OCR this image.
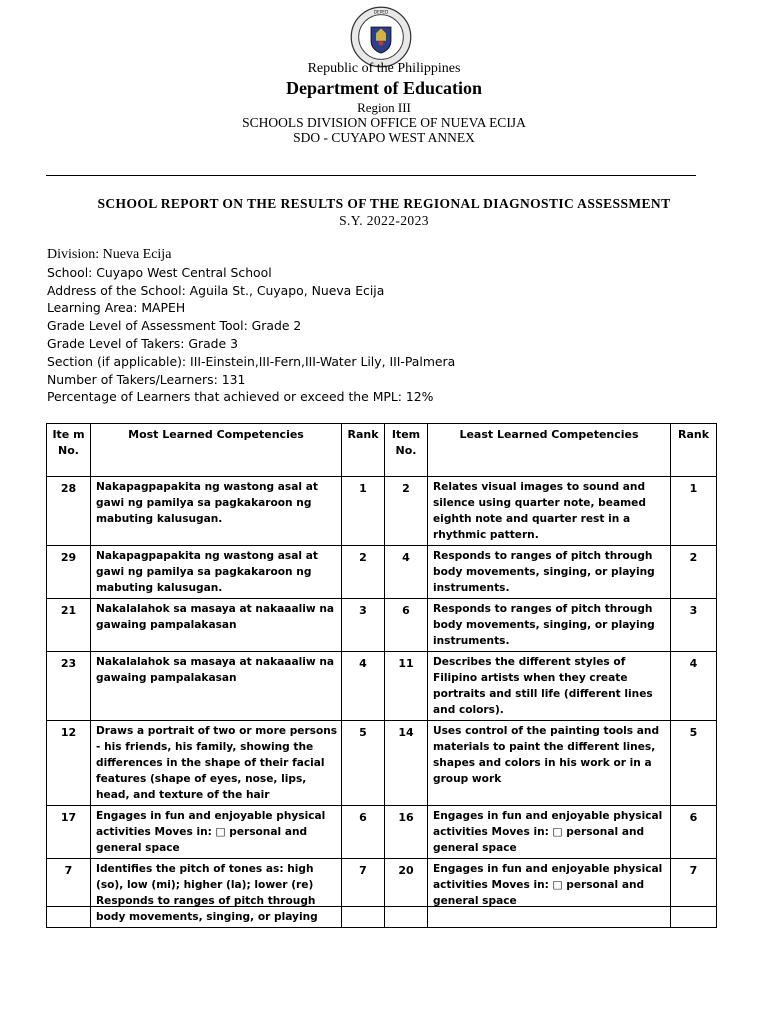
DEPED
Republic of the Philippines
Department of Education
Region III
SCHOOLS DIVISION OFFICE OF NUEVA ECIJA
SDO - CUYAPO WEST ANNEX
SCHOOL REPORT ON THE RESULTS OF THE REGIONAL DIAGNOSTIC ASSESSMENT
S.Y. 2022-2023
Division: Nueva Ecija
School: Cuyapo West Central School
Address of the School: Aguila St., Cuyapo, Nueva Ecija
Learning Area: MAPEH
Grade Level of Assessment Tool: Grade 2
Grade Level of Takers: Grade 3
Section (if applicable): III-Einstein,III-Fern,III-Water Lily, III-Palmera
Number of Takers/Learners: 131
Percentage of Learners that achieved or exceed the MPL: 12%
Ite m No.	Most Learned Competencies	Rank	Item No.	Least Learned Competencies	Rank
28	Nakapagpapakita ng wastong asal at gawi ng pamilya sa pagkakaroon ng mabuting kalusugan.	1	2	Relates visual images to sound and silence using quarter note, beamed eighth note and quarter rest in a rhythmic pattern.	1
29	Nakapagpapakita ng wastong asal at gawi ng pamilya sa pagkakaroon ng mabuting kalusugan.	2	4	Responds to ranges of pitch through body movements, singing, or playing instruments.	2
21	Nakalalahok sa masaya at nakaaaliw na gawaing pampalakasan	3	6	Responds to ranges of pitch through body movements, singing, or playing instruments.	3
23	Nakalalahok sa masaya at nakaaaliw na gawaing pampalakasan	4	11	Describes the different styles of Filipino artists when they create portraits and still life (different lines and colors).	4
12	Draws a portrait of two or more persons - his friends, his family, showing the differences in the shape of their facial features (shape of eyes, nose, lips, head, and texture of the hair	5	14	Uses control of the painting tools and materials to paint the different lines, shapes and colors in his work or in a group work	5
17	Engages in fun and enjoyable physical activities Moves in: □ personal and general space	6	16	Engages in fun and enjoyable physical activities Moves in: □ personal and general space	6
7	Identifies the pitch of tones as: high (so), low (mi); higher (la); lower (re) Responds to ranges of pitch through body movements, singing, or playing	7	20	Engages in fun and enjoyable physical activities Moves in: □ personal and general space	7
